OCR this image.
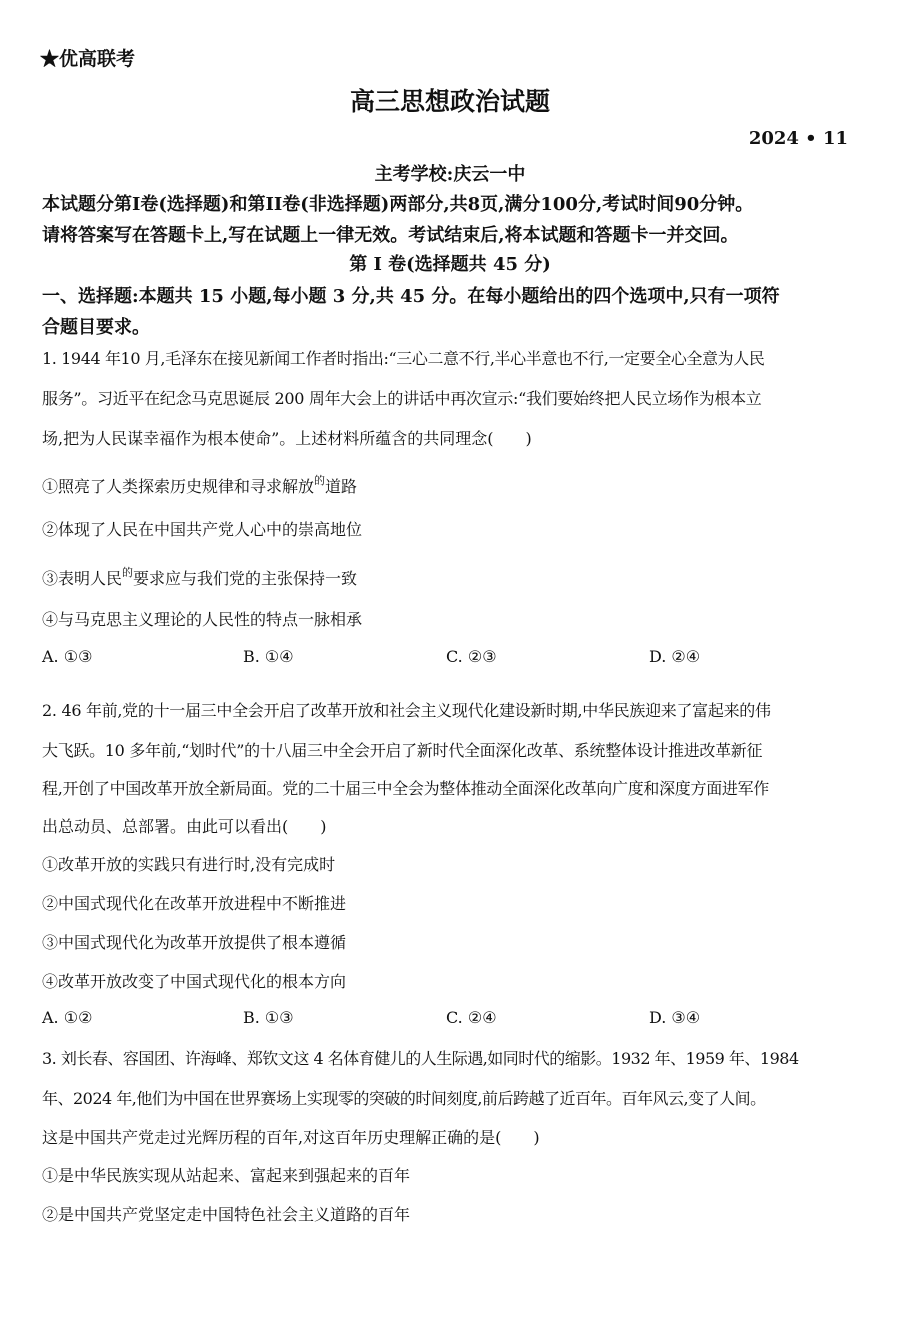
★优高联考
高三思想政治试题
2024 • 11
主考学校:庆云一中
本试题分第I卷(选择题)和第II卷(非选择题)两部分,共8页,满分100分,考试时间90分钟。
请将答案写在答题卡上,写在试题上一律无效。考试结束后,将本试题和答题卡一并交回。
第 I 卷(选择题共 45 分)
一、选择题:本题共 15 小题,每小题 3 分,共 45 分。在每小题给出的四个选项中,只有一项符
合题目要求。
1. 1944 年10 月,毛泽东在接见新闻工作者时指出:“三心二意不行,半心半意也不行,一定要全心全意为人民
服务”。习近平在纪念马克思诞辰 200 周年大会上的讲话中再次宣示:“我们要始终把人民立场作为根本立
场,把为人民谋幸福作为根本使命”。上述材料所蕴含的共同理念(　　)
①照亮了人类探索历史规律和寻求解放$^的$道路
②体现了人民在中国共产党人心中的崇高地位
③表明人民$^的$要求应与我们党的主张保持一致
④与马克思主义理论的人民性的特点一脉相承
A. ①③	B. ①④	C. ②③	D. ②④
2. 46 年前,党的十一届三中全会开启了改革开放和社会主义现代化建设新时期,中华民族迎来了富起来的伟
大飞跃。10 多年前,“划时代”的十八届三中全会开启了新时代全面深化改革、系统整体设计推进改革新征
程,开创了中国改革开放全新局面。党的二十届三中全会为整体推动全面深化改革向广度和深度方面进军作
出总动员、总部署。由此可以看出(　　)
①改革开放的实践只有进行时,没有完成时
②中国式现代化在改革开放进程中不断推进
③中国式现代化为改革开放提供了根本遵循
④改革开放改变了中国式现代化的根本方向
A. ①②	B. ①③	C. ②④	D. ③④
3. 刘长春、容国团、许海峰、郑钦文这 4 名体育健儿的人生际遇,如同时代的缩影。1932 年、1959 年、1984
年、2024 年,他们为中国在世界赛场上实现零的突破的时间刻度,前后跨越了近百年。百年风云,变了人间。
这是中国共产党走过光辉历程的百年,对这百年历史理解正确的是(　　)
①是中华民族实现从站起来、富起来到强起来的百年
②是中国共产党坚定走中国特色社会主义道路的百年
